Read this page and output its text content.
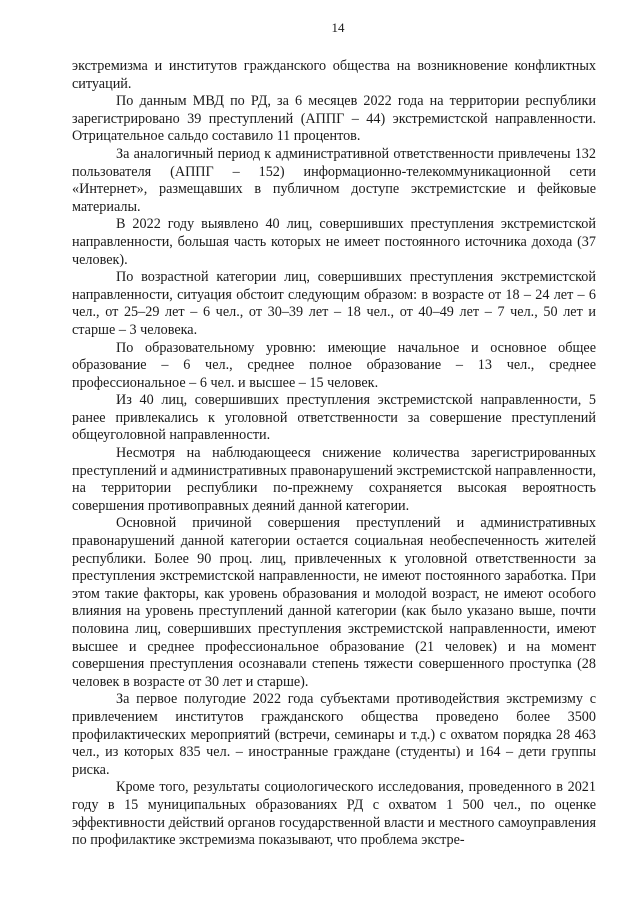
14

экстремизма и институтов гражданского общества на возникновение конфликтных ситуаций.

По данным МВД по РД, за 6 месяцев 2022 года на территории республики зарегистрировано 39 преступлений (АППГ – 44) экстремистской направленности. Отрицательное сальдо составило 11 процентов.

За аналогичный период к административной ответственности привлечены 132 пользователя (АППГ – 152) информационно-телекоммуникационной сети «Интернет», размещавших в публичном доступе экстремистские и фейковые материалы.

В 2022 году выявлено 40 лиц, совершивших преступления экстремистской направленности, большая часть которых не имеет постоянного источника дохода (37 человек).

По возрастной категории лиц, совершивших преступления экстремистской направленности, ситуация обстоит следующим образом: в возрасте от 18 – 24 лет – 6 чел., от 25–29 лет – 6 чел., от 30–39 лет – 18 чел., от 40–49 лет – 7 чел., 50 лет и старше – 3 человека.

По образовательному уровню: имеющие начальное и основное общее образование – 6 чел., среднее полное образование – 13 чел., среднее профессиональное – 6 чел. и высшее – 15 человек.

Из 40 лиц, совершивших преступления экстремистской направленности, 5 ранее привлекались к уголовной ответственности за совершение преступлений общеуголовной направленности.

Несмотря на наблюдающееся снижение количества зарегистрированных преступлений и административных правонарушений экстремистской направленности, на территории республики по-прежнему сохраняется высокая вероятность совершения противоправных деяний данной категории.

Основной причиной совершения преступлений и административных правонарушений данной категории остается социальная необеспеченность жителей республики. Более 90 проц. лиц, привлеченных к уголовной ответственности за преступления экстремистской направленности, не имеют постоянного заработка. При этом такие факторы, как уровень образования и молодой возраст, не имеют особого влияния на уровень преступлений данной категории (как было указано выше, почти половина лиц, совершивших преступления экстремистской направленности, имеют высшее и среднее профессиональное образование (21 человек) и на момент совершения преступления осознавали степень тяжести совершенного проступка (28 человек в возрасте от 30 лет и старше).

За первое полугодие 2022 года субъектами противодействия экстремизму с привлечением институтов гражданского общества проведено более 3500 профилактических мероприятий (встречи, семинары и т.д.) с охватом порядка 28 463 чел., из которых 835 чел. – иностранные граждане (студенты) и 164 – дети группы риска.

Кроме того, результаты социологического исследования, проведенного в 2021 году в 15 муниципальных образованиях РД с охватом 1 500 чел., по оценке эффективности действий органов государственной власти и местного самоуправления по профилактике экстремизма показывают, что проблема экстре-
